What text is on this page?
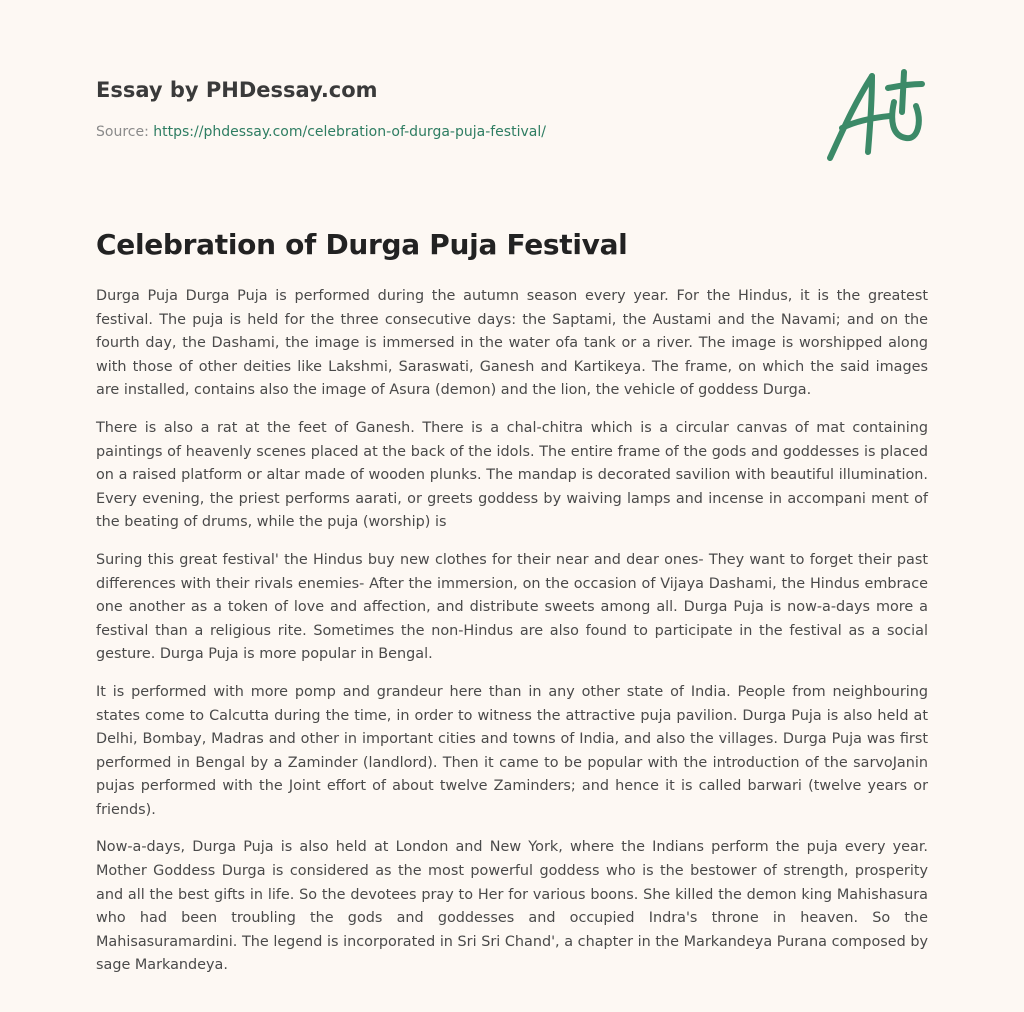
Essay by PHDessay.com
Source: https://phdessay.com/celebration-of-durga-puja-festival/
Celebration of Durga Puja Festival

Durga Puja Durga Puja is performed during the autumn season every year. For the Hindus, it is the greatest festival. The puja is held for the three consecutive days: the Saptami, the Austami and the Navami; and on the fourth day, the Dashami, the image is immersed in the water ofa tank or a river. The image is worshipped along with those of other deities like Lakshmi, Saraswati, Ganesh and Kartikeya. The frame, on which the said images are installed, contains also the image of Asura (demon) and the lion, the vehicle of goddess Durga.

There is also a rat at the feet of Ganesh. There is a chal-chitra which is a circular canvas of mat containing paintings of heavenly scenes placed at the back of the idols. The entire frame of the gods and goddesses is placed on a raised platform or altar made of wooden plunks. The mandap is decorated savilion with beautiful illumination. Every evening, the priest performs aarati, or greets goddess by waiving lamps and incense in accompani ment of the beating of drums, while the puja (worship) is

Suring this great festival' the Hindus buy new clothes for their near and dear ones- They want to forget their past differences with their rivals enemies- After the immersion, on the occasion of Vijaya Dashami, the Hindus embrace one another as a token of love and affection, and distribute sweets among all. Durga Puja is now-a-days more a festival than a religious rite. Sometimes the non-Hindus are also found to participate in the festival as a social gesture. Durga Puja is more popular in Bengal.

It is performed with more pomp and grandeur here than in any other state of India. People from neighbouring states come to Calcutta during the time, in order to witness the attractive puja pavilion. Durga Puja is also held at Delhi, Bombay, Madras and other in important cities and towns of India, and also the villages. Durga Puja was first performed in Bengal by a Zaminder (landlord). Then it came to be popular with the introduction of the sarvoJanin pujas performed with the Joint effort of about twelve Zaminders; and hence it is called barwari (twelve years or friends).

Now-a-days, Durga Puja is also held at London and New York, where the Indians perform the puja every year. Mother Goddess Durga is considered as the most powerful goddess who is the bestower of strength, prosperity and all the best gifts in life. So the devotees pray to Her for various boons. She killed the demon king Mahishasura who had been troubling the gods and goddesses and occupied Indra's throne in heaven. So the Mahisasuramardini. The legend is incorporated in Sri Sri Chand', a chapter in the Markandeya Purana composed by sage Markandeya.
